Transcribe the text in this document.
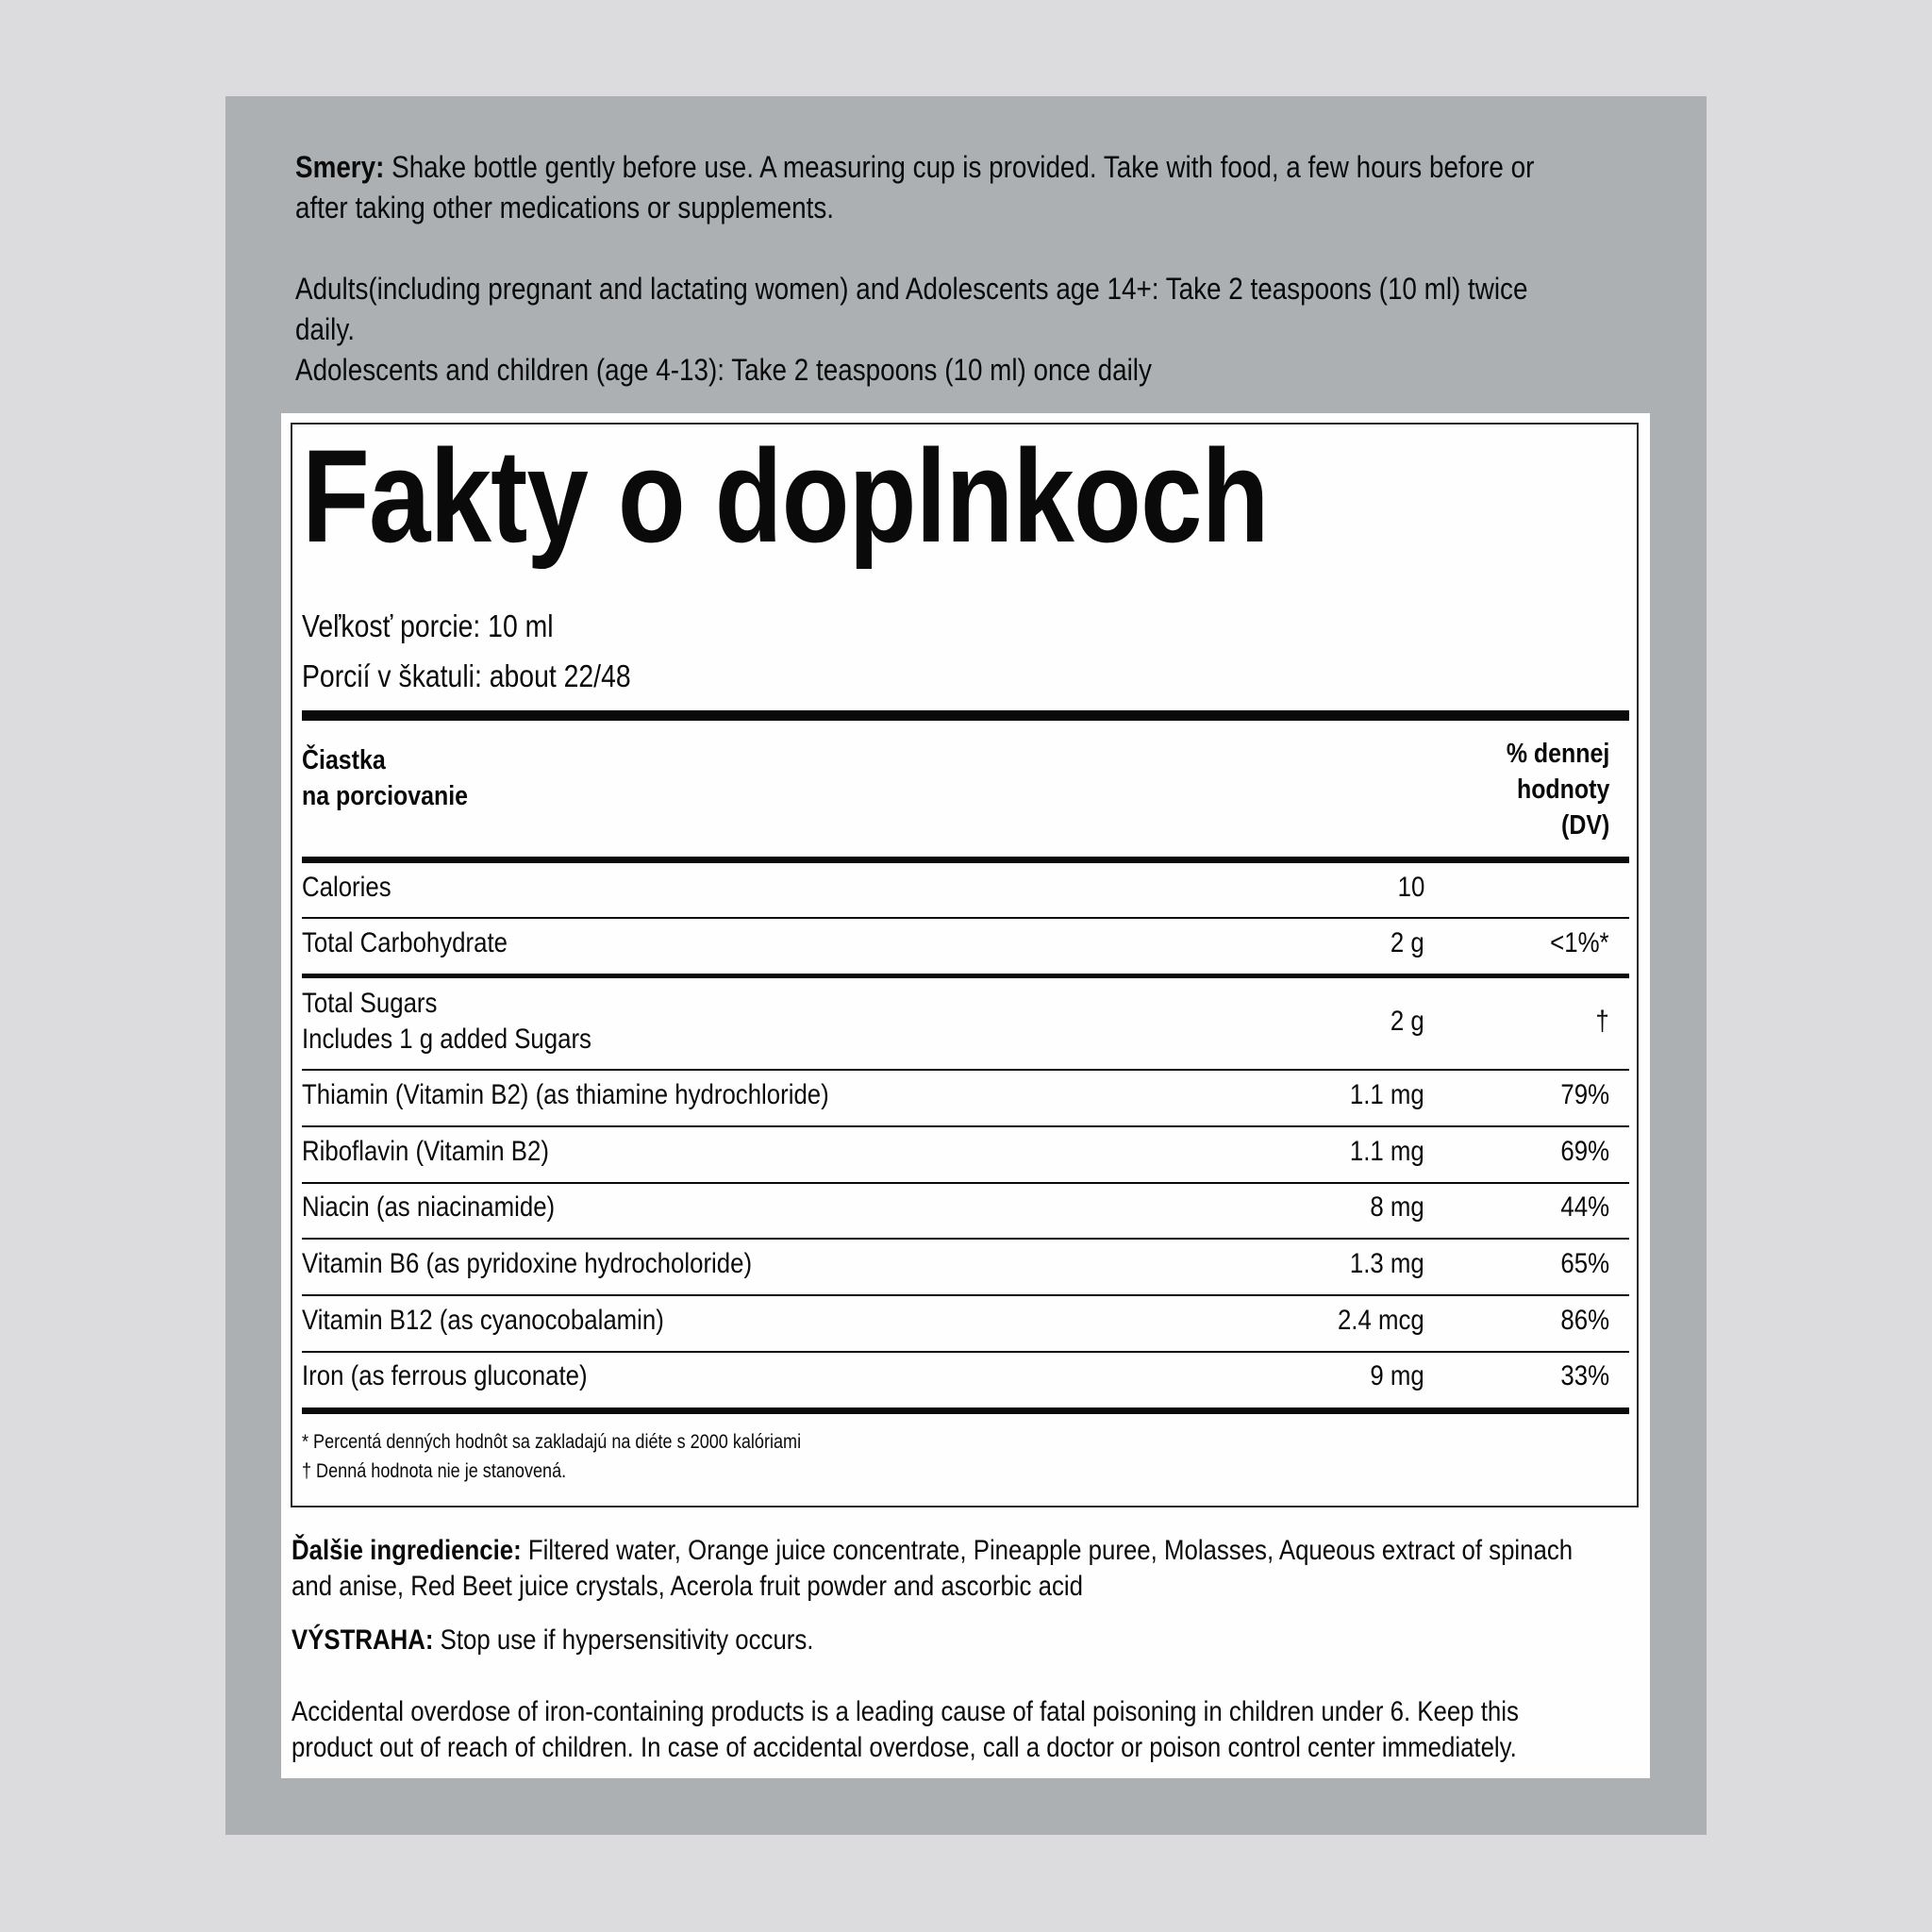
Smery: Shake bottle gently before use. A measuring cup is provided. Take with food, a few hours before or

after taking other medications or supplements.

Adults(including pregnant and lactating women) and Adolescents age 14+: Take 2 teaspoons (10 ml) twice

daily.

Adolescents and children (age 4-13): Take 2 teaspoons (10 ml) once daily

Fakty o doplnkoch
Veľkosť porcie: 10 ml
Porcií v škatuli: about 22/48
Čiastka
na porciovanie
% dennej
hodnoty
(DV)
Calories	10
Total Carbohydrate	2 g	<1%*
Total Sugars
Includes 1 g added Sugars
2 g	†
Thiamin (Vitamin B2) (as thiamine hydrochloride)	1.1 mg	79%
Riboflavin (Vitamin B2)	1.1 mg	69%
Niacin (as niacinamide)	8 mg	44%
Vitamin B6 (as pyridoxine hydrocholoride)	1.3 mg	65%
Vitamin B12 (as cyanocobalamin)	2.4 mcg	86%
Iron (as ferrous gluconate)	9 mg	33%
* Percentá denných hodnôt sa zakladajú na diéte s 2000 kalóriami
† Denná hodnota nie je stanovená.
Ďalšie ingrediencie: Filtered water, Orange juice concentrate, Pineapple puree, Molasses, Aqueous extract of spinach
and anise, Red Beet juice crystals, Acerola fruit powder and ascorbic acid
VÝSTRAHA: Stop use if hypersensitivity occurs.
Accidental overdose of iron-containing products is a leading cause of fatal poisoning in children under 6. Keep this
product out of reach of children. In case of accidental overdose, call a doctor or poison control center immediately.
